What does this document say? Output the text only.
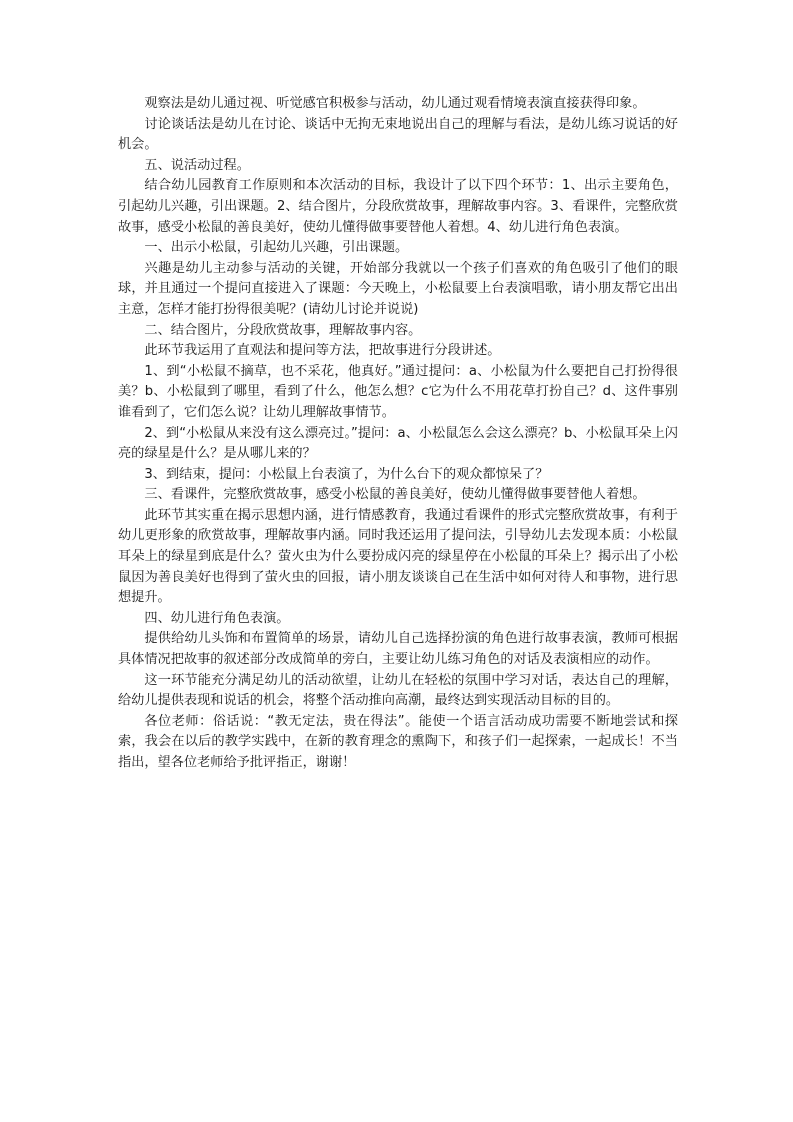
观察法是幼儿通过视、听觉感官积极参与活动，幼儿通过观看情境表演直接获得印象。

讨论谈话法是幼儿在讨论、谈话中无拘无束地说出自己的理解与看法，是幼儿练习说话的好机会。

五、说活动过程。

结合幼儿园教育工作原则和本次活动的目标，我设计了以下四个环节：1、出示主要角色，引起幼儿兴趣，引出课题。2、结合图片，分段欣赏故事，理解故事内容。3、看课件，完整欣赏故事，感受小松鼠的善良美好，使幼儿懂得做事要替他人着想。4、幼儿进行角色表演。

一、出示小松鼠，引起幼儿兴趣，引出课题。

兴趣是幼儿主动参与活动的关键，开始部分我就以一个孩子们喜欢的角色吸引了他们的眼球，并且通过一个提问直接进入了课题：今天晚上，小松鼠要上台表演唱歌，请小朋友帮它出出主意，怎样才能打扮得很美呢？(请幼儿讨论并说说)

二、结合图片，分段欣赏故事，理解故事内容。

此环节我运用了直观法和提问等方法，把故事进行分段讲述。

1、到“小松鼠不摘草，也不采花，他真好。”通过提问：a、小松鼠为什么要把自己打扮得很美？b、小松鼠到了哪里，看到了什么，他怎么想？c它为什么不用花草打扮自己？d、这件事别谁看到了，它们怎么说？让幼儿理解故事情节。

2、到“小松鼠从来没有这么漂亮过。”提问：a、小松鼠怎么会这么漂亮？b、小松鼠耳朵上闪亮的绿星是什么？是从哪儿来的？

3、到结束，提问：小松鼠上台表演了，为什么台下的观众都惊呆了？

三、看课件，完整欣赏故事，感受小松鼠的善良美好，使幼儿懂得做事要替他人着想。

此环节其实重在揭示思想内涵，进行情感教育，我通过看课件的形式完整欣赏故事，有利于幼儿更形象的欣赏故事，理解故事内涵。同时我还运用了提问法，引导幼儿去发现本质：小松鼠耳朵上的绿星到底是什么？萤火虫为什么要扮成闪亮的绿星停在小松鼠的耳朵上？揭示出了小松鼠因为善良美好也得到了萤火虫的回报，请小朋友谈谈自己在生活中如何对待人和事物，进行思想提升。

四、幼儿进行角色表演。

提供给幼儿头饰和布置简单的场景，请幼儿自己选择扮演的角色进行故事表演，教师可根据具体情况把故事的叙述部分改成简单的旁白，主要让幼儿练习角色的对话及表演相应的动作。

这一环节能充分满足幼儿的活动欲望，让幼儿在轻松的氛围中学习对话，表达自己的理解，给幼儿提供表现和说话的机会，将整个活动推向高潮，最终达到实现活动目标的目的。

各位老师：俗话说：“教无定法，贵在得法”。能使一个语言活动成功需要不断地尝试和探索，我会在以后的教学实践中，在新的教育理念的熏陶下，和孩子们一起探索，一起成长！不当指出，望各位老师给予批评指正，谢谢！
